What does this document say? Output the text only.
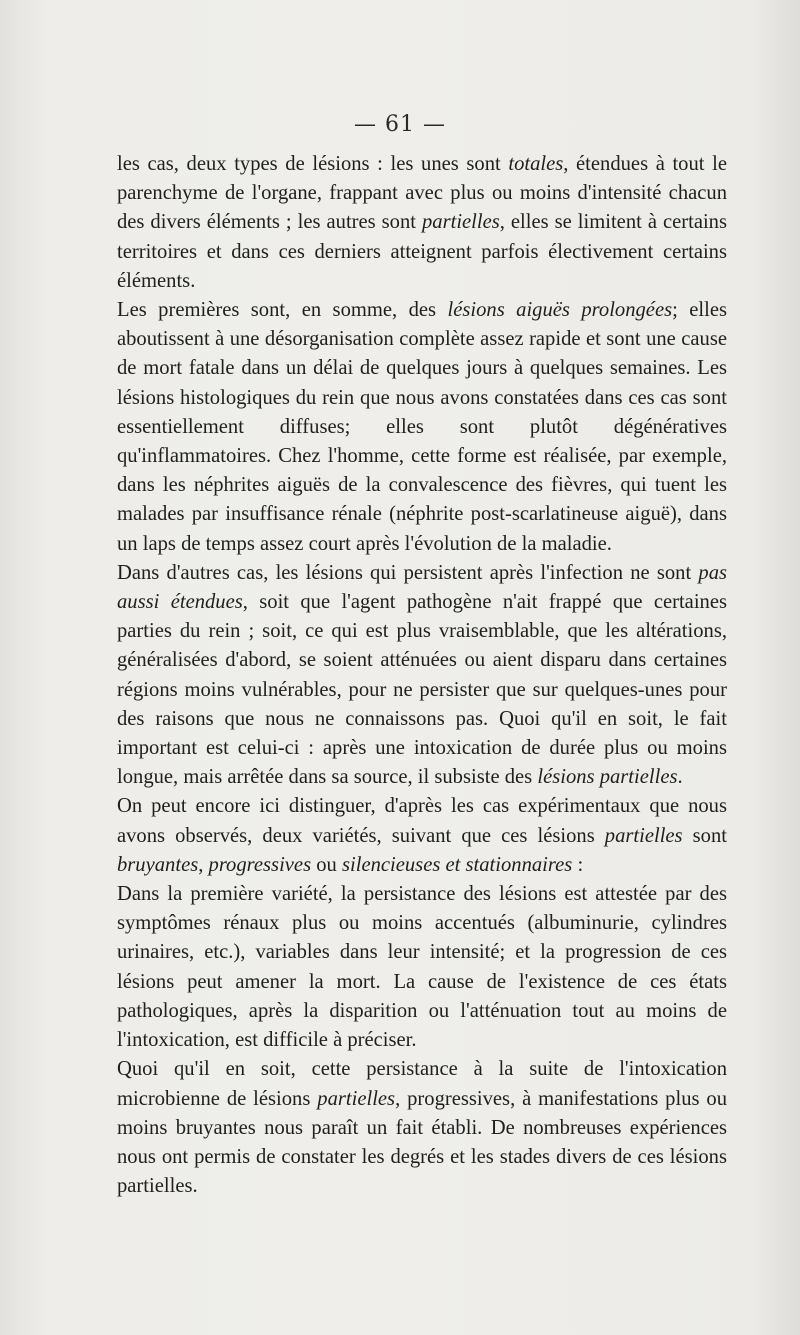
— 61 —

les cas, deux types de lésions : les unes sont totales, étendues à tout le parenchyme de l'organe, frappant avec plus ou moins d'intensité chacun des divers éléments ; les autres sont partielles, elles se limitent à certains territoires et dans ces derniers atteignent parfois électivement certains éléments.

Les premières sont, en somme, des lésions aiguës prolongées; elles aboutissent à une désorganisation complète assez rapide et sont une cause de mort fatale dans un délai de quelques jours à quelques semaines. Les lésions histologiques du rein que nous avons constatées dans ces cas sont essentiellement diffuses; elles sont plutôt dégénératives qu'inflammatoires. Chez l'homme, cette forme est réalisée, par exemple, dans les néphrites aiguës de la convalescence des fièvres, qui tuent les malades par insuffisance rénale (néphrite post-scarlatineuse aiguë), dans un laps de temps assez court après l'évolution de la maladie.

Dans d'autres cas, les lésions qui persistent après l'infection ne sont pas aussi étendues, soit que l'agent pathogène n'ait frappé que certaines parties du rein ; soit, ce qui est plus vraisemblable, que les altérations, généralisées d'abord, se soient atténuées ou aient disparu dans certaines régions moins vulnérables, pour ne persister que sur quelques-unes pour des raisons que nous ne connaissons pas. Quoi qu'il en soit, le fait important est celui-ci : après une intoxication de durée plus ou moins longue, mais arrêtée dans sa source, il subsiste des lésions partielles.

On peut encore ici distinguer, d'après les cas expérimentaux que nous avons observés, deux variétés, suivant que ces lésions partielles sont bruyantes, progressives ou silencieuses et stationnaires :

Dans la première variété, la persistance des lésions est attestée par des symptômes rénaux plus ou moins accentués (albuminurie, cylindres urinaires, etc.), variables dans leur intensité; et la progression de ces lésions peut amener la mort. La cause de l'existence de ces états pathologiques, après la disparition ou l'atténuation tout au moins de l'intoxication, est difficile à préciser.

Quoi qu'il en soit, cette persistance à la suite de l'intoxication microbienne de lésions partielles, progressives, à manifestations plus ou moins bruyantes nous paraît un fait établi. De nombreuses expériences nous ont permis de constater les degrés et les stades divers de ces lésions partielles.
